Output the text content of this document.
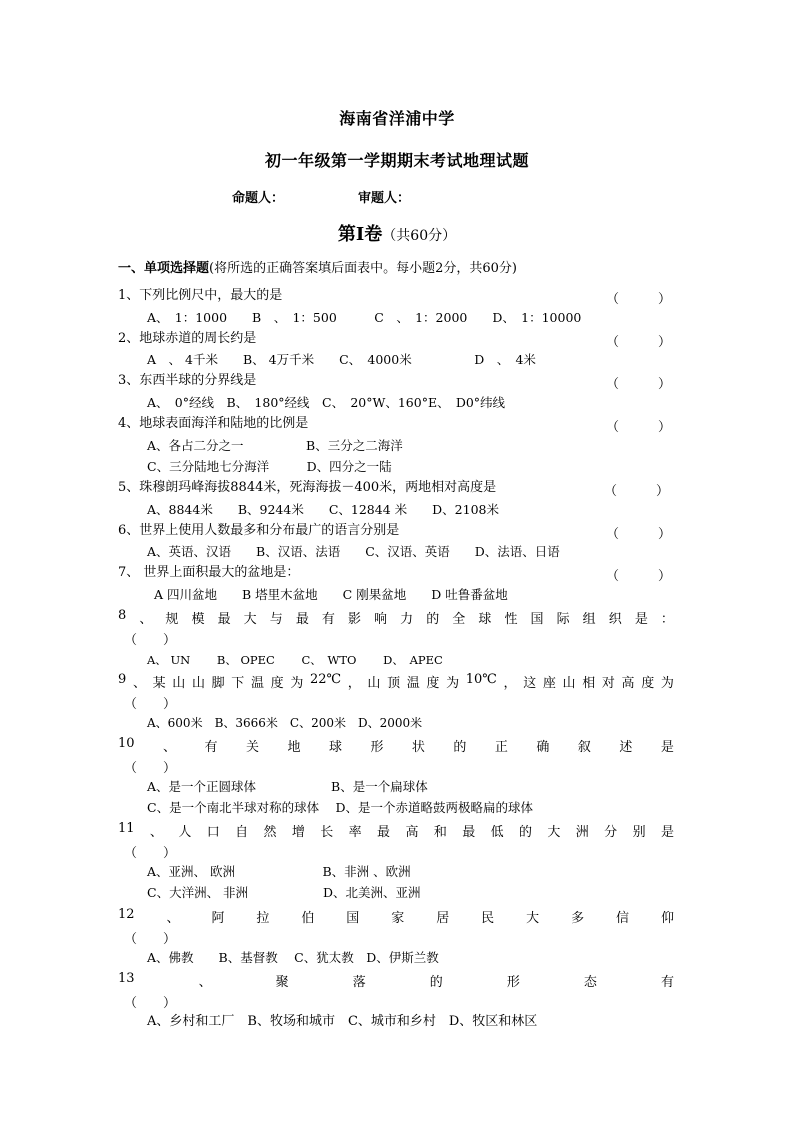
海南省洋浦中学
初一年级第一学期期末考试地理试题
命题人：	审题人：
第Ⅰ卷（共60分）
一、单项选择题(将所选的正确答案填后面表中。每小题2分，共60分)
1、下列比例尺中，最大的是	（　　　）
A、　1：1000　　B　、　1：500　　　C　、　1：2000　　D、　1：10000
2、地球赤道的周长约是	（　　　）
A　、 4千米　　B、 4万千米　　C、　4000米　　　　　D　、　4米
3、东西半球的分界线是	（　　　）
A、　0°经线　B、　180°经线　C、　20°W、160°E、　D0°纬线
4、地球表面海洋和陆地的比例是	（　　　）
A、各占二分之一　　　　　B、三分之二海洋
C、三分陆地七分海洋　　　D、四分之一陆
5、珠穆朗玛峰海拔8844米，死海海拔－400米，两地相对高度是	（　　　）
A、8844米　　B、9244米　　C、12844 米　　D、2108米
6、世界上使用人数最多和分布最广的语言分别是	（　　　）
A、英语、汉语　　B、汉语、法语　　C、汉语、英语　　D、法语、日语
7、 世界上面积最大的盆地是：	（　　　）
A 四川盆地　　B 塔里木盆地　　C 刚果盆地　　D 吐鲁番盆地
8 、 规 模 最 大 与 最 有 影 响 力 的 全 球 性 国 际 组 织 是 ：
（　　）
A、 UN　　 B、 OPEC　　 C、　WTO　　 D、　APEC
9 、 某 山 山 脚 下 温 度 为 22℃ ， 山 顶 温 度 为 10℃ ， 这 座 山 相 对 高 度 为
（　　）
A、600米　B、3666米　C、200米　D、2000米
10 、 有 关 地 球 形 状 的 正 确 叙 述 是
（　　）
A、是一个正圆球体　　　　　　B、是一个扁球体
C、是一个南北半球对称的球体　 D、是一个赤道略鼓两极略扁的球体
11 、 人 口 自 然 增 长 率 最 高 和 最 低 的 大 洲 分 别 是
（　　）
A、亚洲、 欧洲　　　　　　　B、非洲 、欧洲
C、大洋洲、 非洲　　　　　　D、北美洲、亚洲
12 、 阿 拉 伯 国 家 居 民 大 多 信 仰
（　　）
A、佛教　　B、基督教　 C、犹太教　D、伊斯兰教
13	、	聚	落	的	形	态	有
（　　）
A、乡村和工厂　B、牧场和城市　C、城市和乡村　D、牧区和林区
